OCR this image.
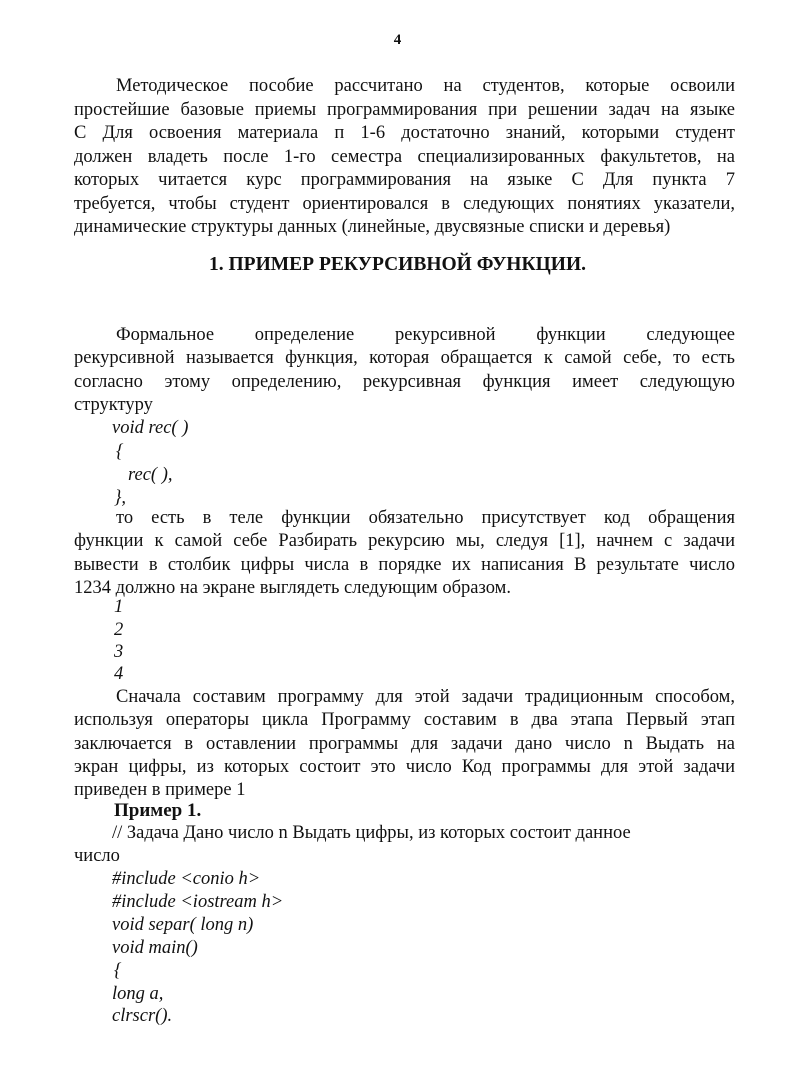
4
Методическое пособие рассчитано на студентов, которые освоили
простейшие базовые приемы программирования при решении задач на языке
С Для освоения материала п 1-6 достаточно знаний, которыми студент
должен владеть после 1-го семестра специализированных факультетов, на
которых читается курс программирования на языке С Для пункта 7
требуется, чтобы студент ориентировался в следующих понятиях указатели,
динамические структуры данных (линейные, двусвязные списки и деревья)
1. ПРИМЕР РЕКУРСИВНОЙ ФУНКЦИИ.
Формальное определение рекурсивной функции следующее
рекурсивной называется функция, которая обращается к самой себе, то есть
согласно этому определению, рекурсивная функция имеет следующую
структуру
void rec( )
{
rec( ),
},
то есть в теле функции обязательно присутствует код обращения
функции к самой себе Разбирать рекурсию мы, следуя [1], начнем с задачи
вывести в столбик цифры числа в порядке их написания В результате число
1234 должно на экране выглядеть следующим образом.
1
2
3
4
Сначала составим программу для этой задачи традиционным способом,
используя операторы цикла Программу составим в два этапа Первый этап
заключается в оставлении программы для задачи дано число n Выдать на
экран цифры, из которых состоит это число Код программы для этой задачи
приведен в примере 1
Пример 1.
// Задача Дано число n Выдать цифры, из которых состоит данное
число
#include <conio h>
#include <iostream h>
void separ( long n)
void main()
{
long a,
clrscr().
